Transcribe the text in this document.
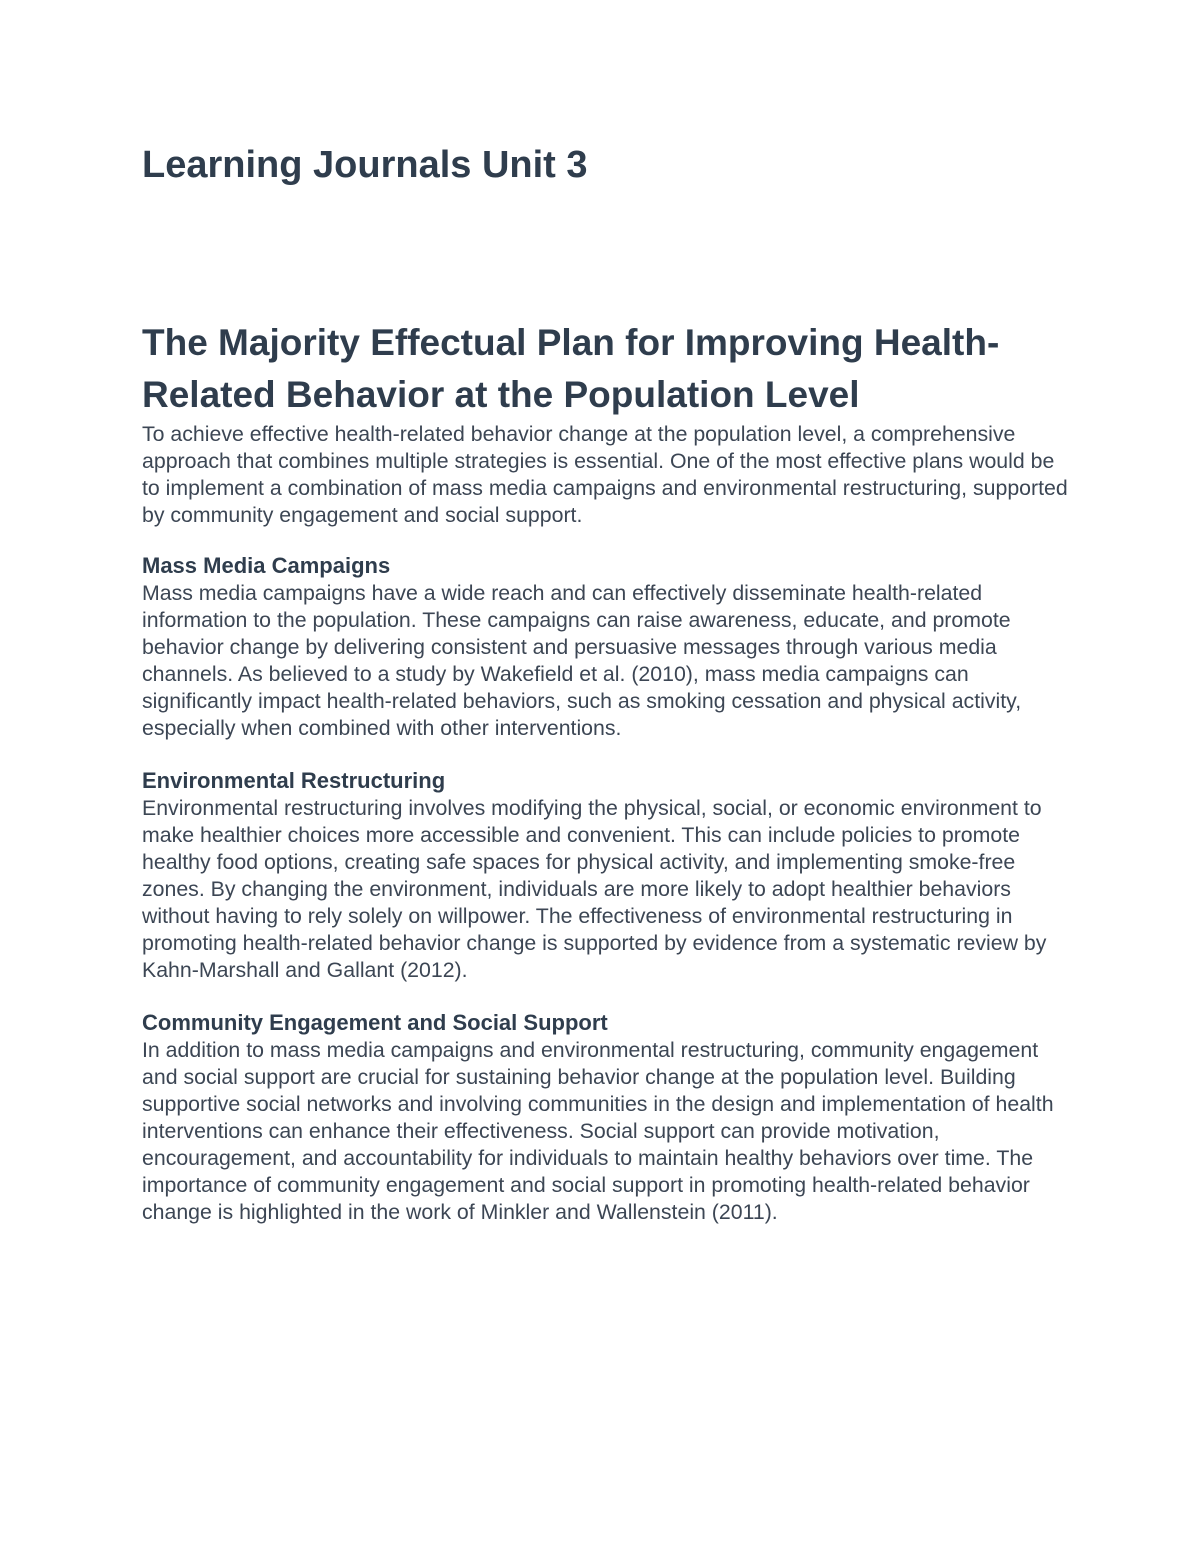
Learning Journals Unit 3
The Majority Effectual Plan for Improving Health-Related Behavior at the Population Level

To achieve effective health-related behavior change at the population level, a comprehensive approach that combines multiple strategies is essential. One of the most effective plans would be to implement a combination of mass media campaigns and environmental restructuring, supported by community engagement and social support.

Mass Media Campaigns

Mass media campaigns have a wide reach and can effectively disseminate health-related information to the population. These campaigns can raise awareness, educate, and promote behavior change by delivering consistent and persuasive messages through various media channels. As believed to a study by Wakefield et al. (2010), mass media campaigns can significantly impact health-related behaviors, such as smoking cessation and physical activity, especially when combined with other interventions.

Environmental Restructuring

Environmental restructuring involves modifying the physical, social, or economic environment to make healthier choices more accessible and convenient. This can include policies to promote healthy food options, creating safe spaces for physical activity, and implementing smoke-free zones. By changing the environment, individuals are more likely to adopt healthier behaviors without having to rely solely on willpower. The effectiveness of environmental restructuring in promoting health-related behavior change is supported by evidence from a systematic review by Kahn-Marshall and Gallant (2012).

Community Engagement and Social Support

In addition to mass media campaigns and environmental restructuring, community engagement and social support are crucial for sustaining behavior change at the population level. Building supportive social networks and involving communities in the design and implementation of health interventions can enhance their effectiveness. Social support can provide motivation, encouragement, and accountability for individuals to maintain healthy behaviors over time. The importance of community engagement and social support in promoting health-related behavior change is highlighted in the work of Minkler and Wallenstein (2011).
